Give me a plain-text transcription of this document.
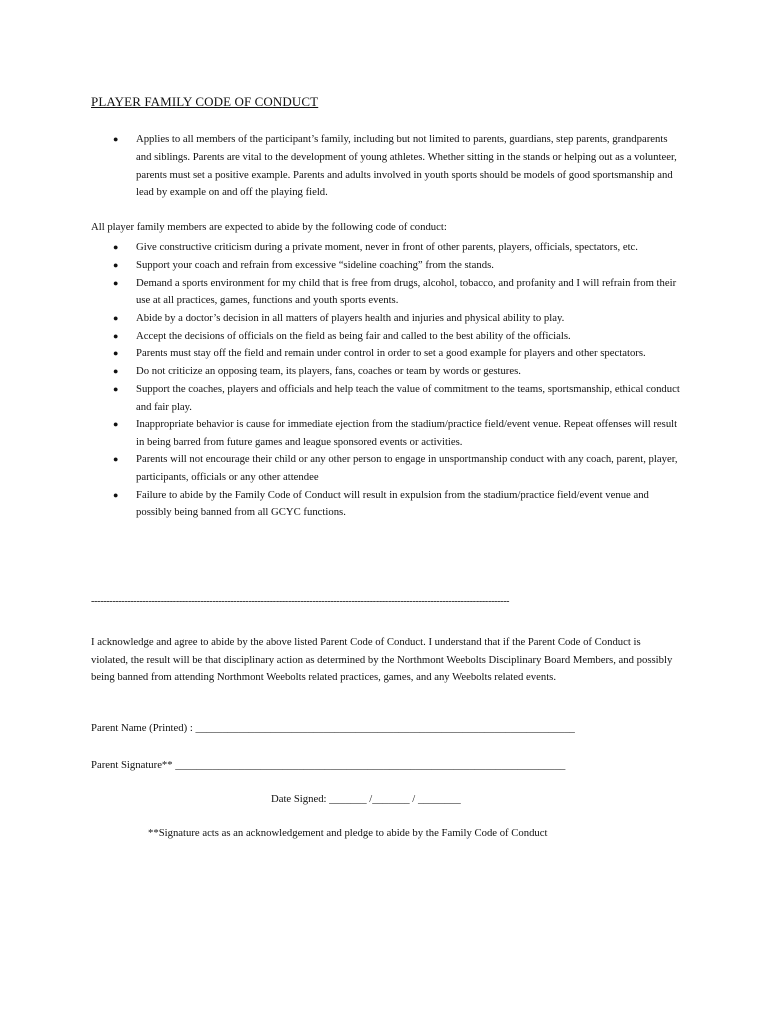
PLAYER FAMILY CODE OF CONDUCT
●	Applies to all members of the participant’s family, including but not limited to parents, guardians, step parents, grandparents and siblings. Parents are vital to the development of young athletes. Whether sitting in the stands or helping out as a volunteer, parents must set a positive example. Parents and adults involved in youth sports should be models of good sportsmanship and lead by example on and off the playing field.
All player family members are expected to abide by the following code of conduct:
●	Give constructive criticism during a private moment, never in front of other parents, players, officials, spectators, etc.
●	Support your coach and refrain from excessive “sideline coaching” from the stands.
●	Demand a sports environment for my child that is free from drugs, alcohol, tobacco, and profanity and I will refrain from their use at all practices, games, functions and youth sports events.
●	Abide by a doctor’s decision in all matters of players health and injuries and physical ability to play.
●	Accept the decisions of officials on the field as being fair and called to the best ability of the officials.
●	Parents must stay off the field and remain under control in order to set a good example for players and other spectators.
●	Do not criticize an opposing team, its players, fans, coaches or team by words or gestures.
●	Support the coaches, players and officials and help teach the value of commitment to the teams, sportsmanship, ethical conduct and fair play.
●	Inappropriate behavior is cause for immediate ejection from the stadium/practice field/event venue. Repeat offenses will result in being barred from future games and league sponsored events or activities.
●	Parents will not encourage their child or any other person to engage in unsportmanship conduct with any coach, parent, player, participants, officials or any other attendee
●	Failure to abide by the Family Code of Conduct will result in expulsion from the stadium/practice field/event venue and possibly being banned from all GCYC functions.
------------------------------------------------------------------------------------------------------------------------------------------
I acknowledge and agree to abide by the above listed Parent Code of Conduct. I understand that if the Parent Code of Conduct is violated, the result will be that disciplinary action as determined by the Northmont Weebolts Disciplinary Board Members, and possibly being banned from attending Northmont Weebolts related practices, games, and any Weebolts related events.
Parent Name (Printed) : _______________________________________________________________________
Parent Signature** _________________________________________________________________________
Date Signed: _______ /_______ / ________
**Signature acts as an acknowledgement and pledge to abide by the Family Code of Conduct
